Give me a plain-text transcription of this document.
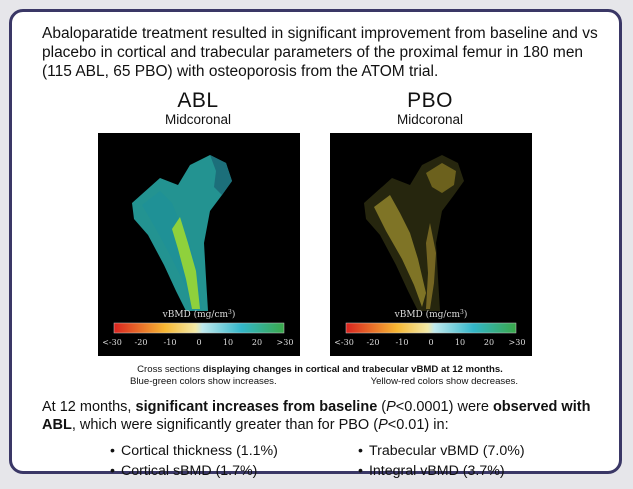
Abaloparatide treatment resulted in significant improvement from baseline and vs placebo in cortical and trabecular parameters of the proximal femur in 180 men (115 ABL, 65 PBO) with osteoporosis from the ATOM trial.

ABL
Midcoronal
vBMD $(mg/cm^3)$
<-30 -20 -10	0	10 20 >30
PBO
Midcoronal
vBMD $(mg/cm^3)$
<-30 -20 -10	0	10 20 >30

Cross sections displaying changes in cortical and trabecular vBMD at 12 months.
Blue-green colors show increases.	Yellow-red colors show decreases.

At 12 months, significant increases from baseline (P<0.0001) were observed with ABL, which were significantly greater than for PBO (P<0.01) in:

• Cortical thickness (1.1%)
• Cortical sBMD (1.7%)
• Trabecular vBMD (7.0%)
• Integral vBMD (3.7%)
